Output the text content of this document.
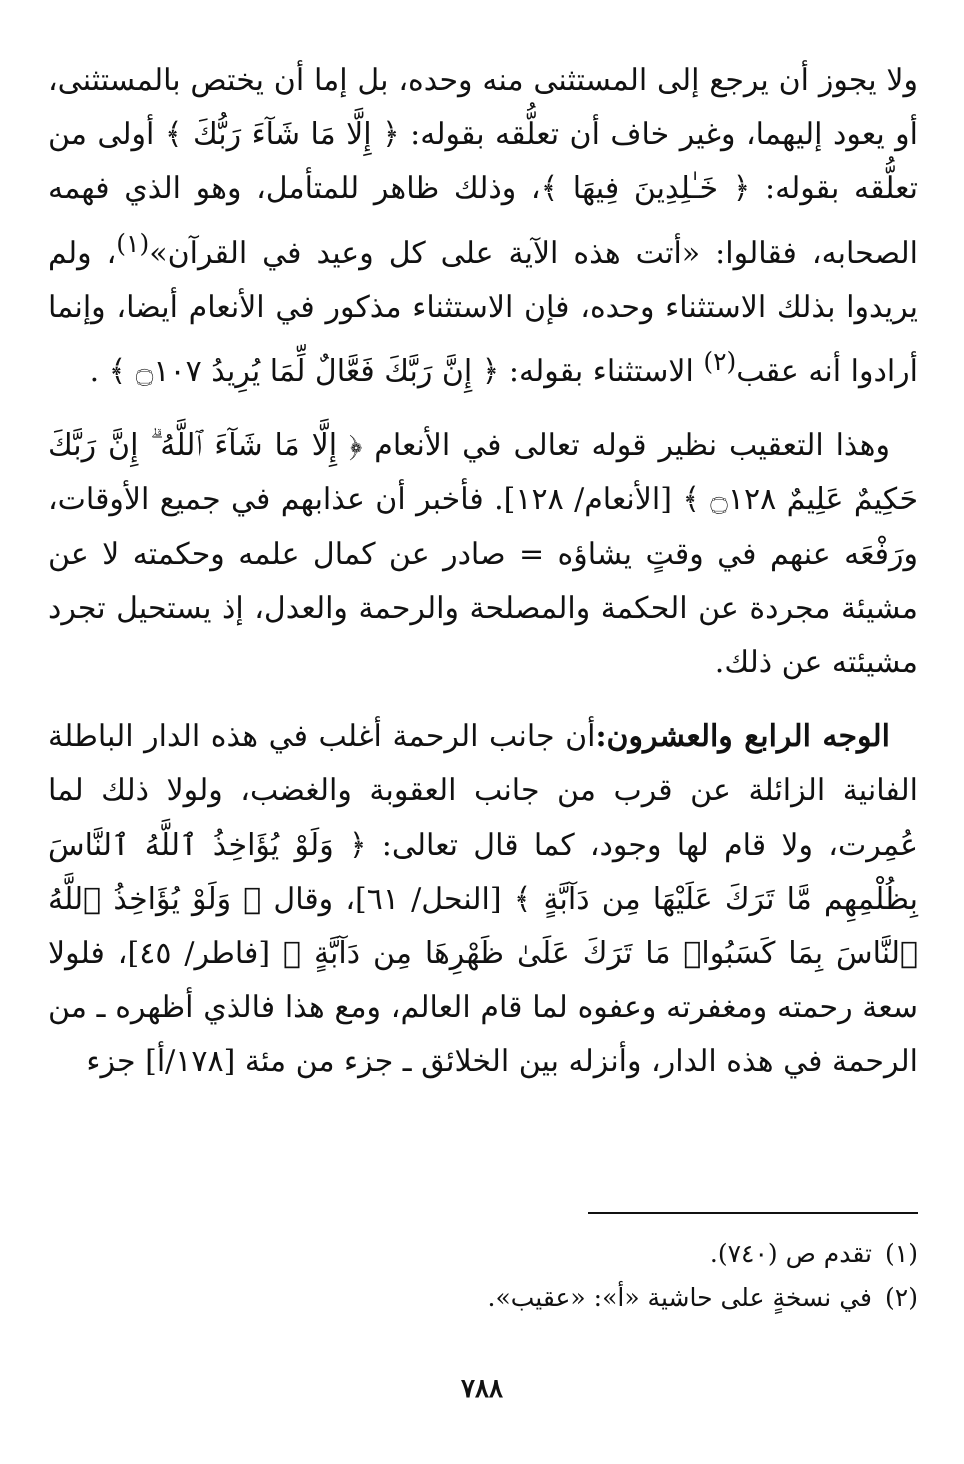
ولا يجوز أن يرجع إلى المستثنى منه وحده، بل إما أن يختص بالمستثنى، أو يعود إليهما، وغير خاف أن تعلُّقه بقوله: ﴿ إِلَّا مَا شَآءَ رَبُّكَ ﴾ أولى من تعلُّقه بقوله: ﴿ خَـٰلِدِينَ فِيهَا ﴾، وذلك ظاهر للمتأمل، وهو الذي فهمه الصحابه، فقالوا: «أتت هذه الآية على كل وعيد في القرآن»$^{(١)}$، ولم يريدوا بذلك الاستثناء وحده، فإن الاستثناء مذكور في الأنعام أيضا، وإنما أرادوا أنه عقب$^{(٢)}$ الاستثناء بقوله: ﴿ إِنَّ رَبَّكَ فَعَّالٌ لِّمَا يُرِيدُ ۝١٠٧ ﴾ .

وهذا التعقيب نظير قوله تعالى في الأنعام ﴿ إِلَّا مَا شَآءَ ٱللَّهُ ۗ إِنَّ رَبَّكَ حَكِيمٌ عَلِيمٌ ۝١٢٨ ﴾ [الأنعام/ ١٢٨]. فأخبر أن عذابهم في جميع الأوقات، ورَفْعَه عنهم في وقتٍ يشاؤه = صادر عن كمال علمه وحكمته لا عن مشيئة مجردة عن الحكمة والمصلحة والرحمة والعدل، إذ يستحيل تجرد مشيئته عن ذلك.

الوجه الرابع والعشرون:أن جانب الرحمة أغلب في هذه الدار الباطلة الفانية الزائلة عن قرب من جانب العقوبة والغضب، ولولا ذلك لما عُمِرت، ولا قام لها وجود، كما قال تعالى: ﴿ وَلَوْ يُؤَاخِذُ ٱللَّهُ ٱلنَّاسَ بِظُلْمِهِم مَّا تَرَكَ عَلَيْهَا مِن دَآبَّةٍ ﴾ [النحل/ ٦١]، وقال ﴿ وَلَوْ يُؤَاخِذُ ٱللَّهُ ٱلنَّاسَ بِمَا كَسَبُوا۟ مَا تَرَكَ عَلَىٰ ظَهْرِهَا مِن دَآبَّةٍ ﴾ [فاطر/ ٤٥]، فلولا سعة رحمته ومغفرته وعفوه لما قام العالم، ومع هذا فالذي أظهره ـ من الرحمة في هذه الدار، وأنزله بين الخلائق ـ جزء من مئة [١٧٨/أ] جزء

(١)تقدم ص (٧٤٠).

(٢)في نسخةٍ على حاشية «أ»: «عقيب».

٧٨٨
